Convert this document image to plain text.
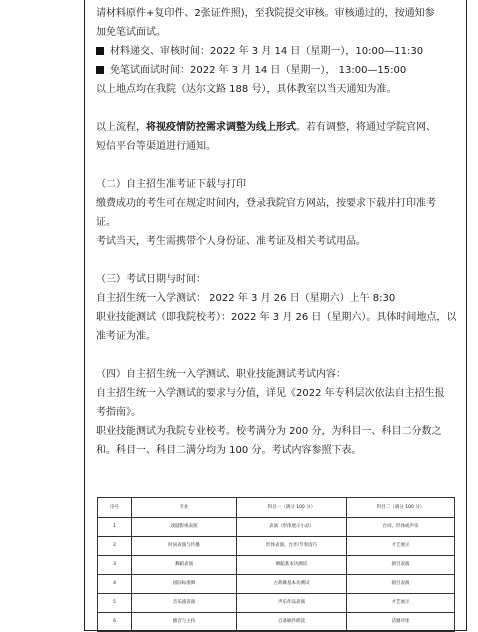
请材料原件+复印件、2张证件照)，至我院提交审核。审核通过的，按通知参
加免笔试面试。
材料递交、审核时间：2022 年 3 月 14 日（星期一），10:00—11:30
免笔试面试时间：2022 年 3 月 14 日（星期一）， 13:00—15:00
以上地点均在我院（达尔文路 188 号），具体教室以当天通知为准。
以上流程，将视疫情防控需求调整为线上形式。若有调整，将通过学院官网、
短信平台等渠道进行通知。
（二）自主招生准考证下载与打印
缴费成功的考生可在规定时间内，登录我院官方网站，按要求下载并打印准考
证。
考试当天，考生需携带个人身份证、准考证及相关考试用品。
（三）考试日期与时间：
自主招生统一入学测试： 2022 年 3 月 26 日（星期六）上午 8:30
职业技能测试（即我院校考）：2022 年 3 月 26 日（星期六）。具体时间地点，以
准考证为准。
（四）自主招生统一入学测试、职业技能测试考试内容：
自主招生统一入学测试的要求与分值，详见《2022 年专科层次依法自主招生报
考指南》。
职业技能测试为我院专业校考。校考满分为 200 分，为科目一、科目二分数之
和。科目一、科目二满分均为 100 分。考试内容参照下表。
序号	专业	科目一（满分 100 分）	科目二（满分 100 分）
1	戏剧影视表演	表演（形体展示小品）	台词、形体或声乐
2	时尚表演与传播	形体表演、台步/节奏技巧	才艺展示
3	舞蹈表演	舞蹈基本功测试	剧目表演
4	国际标准舞	古典舞基本功测试	剧目表演
5	音乐剧表演	声乐作品表演	才艺展示
6	播音与主持	自备稿件朗读	话题评述
